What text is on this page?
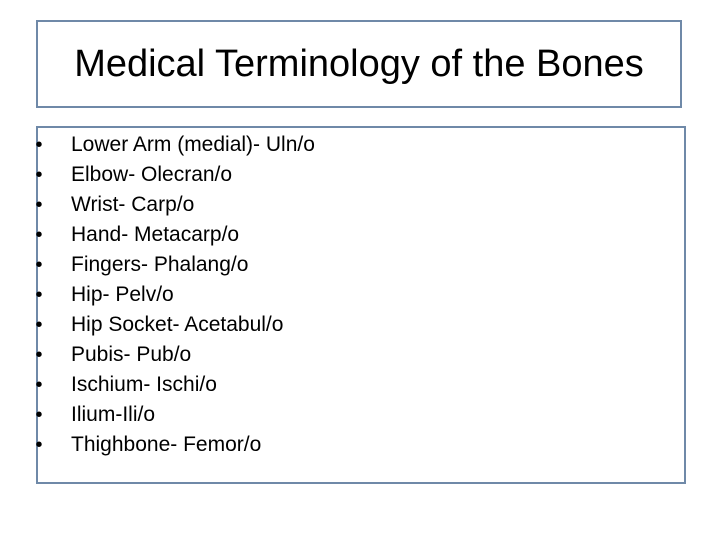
Medical Terminology of the Bones
•	Lower Arm (medial)- Uln/o
•	Elbow- Olecran/o
•	Wrist- Carp/o
•	Hand- Metacarp/o
•	Fingers- Phalang/o
•	Hip- Pelv/o
•	Hip Socket- Acetabul/o
•	Pubis- Pub/o
•	Ischium- Ischi/o
•	Ilium-Ili/o
•	Thighbone- Femor/o
